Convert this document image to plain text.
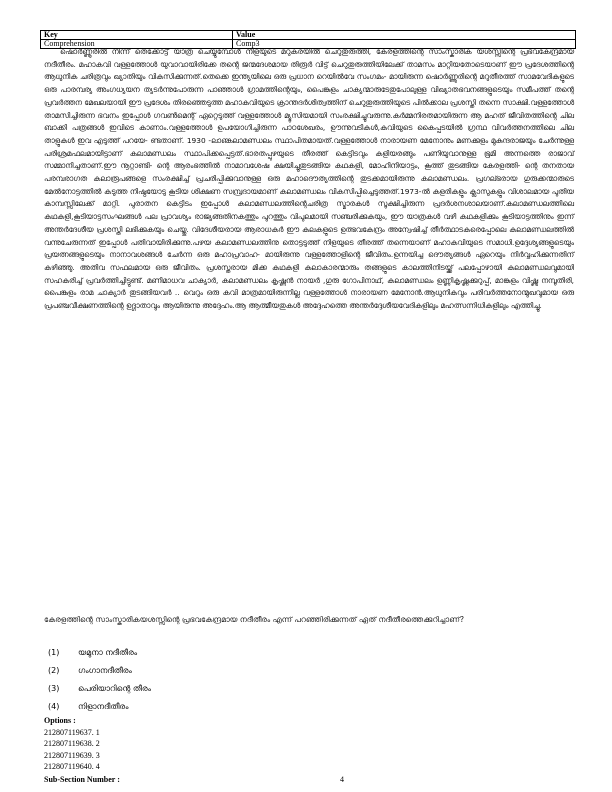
Key	Value
Comprehension	Comp3

ഷൊർണ്ണൂരിൽ നിന്ന് തെക്കോട്ട് യാത്ര ചെയ്യുമ്പോൾ നിളയുടെ മറുകരയിൽ ചെറുതുരുത്തി, കേരളത്തിന്റെ സാംസ്കാരിക യശസ്സിന്റെ പ്രഭവകേന്ദ്രമായ നദീതീരം. മഹാകവി വള്ളത്തോൾ യുവാവായിരിക്കേ തന്റെ ജന്മദേശമായ തിരൂർ വിട്ട് ചെറുതുരുത്തിയിലേക്ക് താമസം മാറ്റിയതോടെയാണ് ഈ പ്രദേശത്തിന്റെ ആധുനിക ചരിത്രവും ഖ്യാതിയും വികസിക്കുന്നത്.തെക്കെ ഇന്ത്യയിലെ ഒരു പ്രധാന റെയിൽവേ സംഗമം- മായിരുന്ന ഷൊർണ്ണൂരിന്റെ മറുതീരത്ത് സാമവേദികളുടെ ഒരു പാരമ്പര്യ അംഗധ്യയന ത്യടർന്നുപോരുന്ന പാഞ്ഞാൾ ഗ്രാമത്തിന്റെയും, പൈങ്കുളം ചാക്യന്മാരുടേതുപോലുള്ള വിഖ്യാതഭവനങ്ങളുടെയും സമീപത്ത് തന്റെ പ്രവർത്തന മേഖലയായി ഈ പ്രദേശം തിരഞ്ഞെടുത്ത മഹാകവിയുടെ ക്രാന്തദർശിത്വത്തിന് ചെറുതുരുത്തിയുടെ പിൽക്കാല പ്രശസ്തി തന്നെ സാക്ഷി.വള്ളത്തോൾ താമസിച്ചിരുന്ന ഭവനം ഇപ്പോൾ ഗവൺമെന്റ് ഏറ്റെടുത്ത് വള്ളത്തോൾ മ്യൂസിയമായി സംരക്ഷിച്ചുവരുന്നു.കർമ്മനിരതമായിരുന്ന ആ മഹത് ജീവിതത്തിന്റെ ചില ബാക്കി പത്രങ്ങൾ ഇവിടെ കാണാം.വള്ളത്തോൾ ഉപയോഗിച്ചിരുന്ന പാഠശേഖരം, ഊന്നുവടികൾ,കവിയുടെ കൈപ്പടയിൽ ഗ്രന്ഥ വിവർത്തനത്തിലെ ചില താളുകൾ ഇവ എടുത്ത് പറയേ- ണ്ടതാണ്. 1930 -ലാണ്കലാമണ്ഡലം സ്ഥാപിതമായത്.വള്ളത്തോൾ നാരായണ മേനോനും മണക്കുളം മുകുന്ദരാജയും ചേർന്നുള്ള പരിശ്രമഫലമായിട്ടാണ് കലാമണ്ഡലം സ്ഥാപിക്കപ്പെട്ടത്.ഭാരതപ്പുഴയുടെ തീരത്ത് കെട്ടിടവും കളിയരങ്ങും പണിയുവാനുള്ള ഭൂമി അന്നത്തെ രാജാവ് സമ്മാനിച്ചതാണ്.ഈ നൂറ്റാണ്ടി- ന്റെ ആരംഭത്തിൽ നാമാവശേഷ ക്ഷയിച്ചുതുടങ്ങിയ കഥകളി, മോഹിനിയാട്ടം, കൂത്ത് തുടങ്ങിയ കേരളത്തി- ന്റെ തനതായ പരമ്പരാഗത കലാരൂപങ്ങളെ സംരക്ഷിച്ച് പ്രചരിപ്പിക്കുവാനുള്ള ഒരു മഹാദൌത്യത്തിന്റെ തുടക്കമായിരുന്നു കലാമണ്ഡലം. പ്രഗല്ഭരായ ഗുരുക്കന്മാരുടെ മേൽനോട്ടത്തിൽ കടുത്ത നിഷ്ഠയോടു കൂടിയ ശിക്ഷണ സമ്പ്രദായമാണ് കലാമണ്ഡലം വികസിപ്പിച്ചെടുത്തത്.1973-ൽ കളരികളും ക്ലാസുകളും വിശാലമായ പുതിയ കാമ്പസ്സിലേക്ക് മാറ്റി. പുരാതന കെട്ടിടം ഇപ്പോൾ കലാമണ്ഡലത്തിന്റെചരിത്ര സ്മാരകൾ സൂക്ഷിച്ചിരുന്ന പ്രദർശനശാലയാണ്.കലാമണ്ഡലത്തിലെ കഥകളി,കൂടിയാട്ടസംഘങ്ങൾ പല പ്രാവശ്യം രാജ്യങ്ങതിനകത്തും പുറത്തും വിപുലമായി സഞ്ചരിക്കുകയും, ഈ യാത്രകൾ വഴി കഥകളിക്കും കൂടിയാട്ടത്തിനും ഇന്ന് അന്തർദേശീയ പ്രശസ്തി ലഭിക്കുകയും ചെയ്തു. വിദേശീയരായ ആരാധകർ ഈ കലകളുടെ ഉത്ഭവകേന്ദ്രം അന്വേഷിച്ച് തീർത്ഥാടകരെപ്പോലെ കലാമണ്ഡലത്തിൽ വന്നുചേരുന്നത് ഇപ്പോൾ പതിവായിരിക്കുന്നു.പഴയ കലാമണ്ഡലത്തിനു തൊട്ടടുത്ത് നിളയുടെ തീരത്ത് തന്നെയാണ് മഹാകവിയുടെ സമാധി.ഉദ്ദേശ്യങ്ങളുടെയും പ്രയത്നങ്ങളുടെയും നാനാവശങ്ങൾ ചേർന്ന ഒരു മഹാപ്രവാഹ- മായിരുന്നു വള്ളത്തോളിന്റെ ജീവിതം.ഉന്നയിച്ച ദൌത്യങ്ങൾ ഏറെയും നിർവ്വഹിക്കുന്നതിന് കഴിഞ്ഞു. അതിവ സഫലമായ ഒരു ജീവിതം. പ്രശസ്തരായ മിക്ക കഥകളി കലാകാരന്മാരും തങ്ങളുടെ കാലത്തിനിടയ്ക്ക് പലപ്പോഴായി കലാമണ്ഡലവുമായി സഹകരിച്ച് പ്രവർത്തിച്ചിട്ടുണ്ട്. മണിമാധവ ചാക്യാർ, കലാമണ്ഡലം കൃഷ്ണൻ നായർ ,ഗുരു ഗോപിനാഥ്, കലാമണ്ഡലം ഉണ്ണികൃഷ്ണക്കുറുപ്പ്, മാങ്കുളം വിഷ്ണു നമ്പൂതിരി, പൈങ്കുളം രാമ ചാക്യാർ തുടങ്ങിയവർ .. വെറും ഒരു കവി മാത്രമായിരുന്നില്ല വള്ളത്തോൾ നാരായണ മേനോൻ.ആധുനികവും പരിവർത്തനോന്മുഖവുമായ ഒരു പ്രപഞ്ചവീക്ഷണത്തിന്റെ ഉദ്ഗാതാവും ആയിരുന്നു അദ്ദേഹം.ആ ആത്മീയതുകൾ അദ്ദേഹത്തെ അന്തർദ്ദേശീയവേദികളിലും മഹത്സന്നിധികളിലും എത്തിച്ചു.

കേരളത്തിന്റെ സാംസ്കാരികയശസ്സിന്റെ പ്രഭവകേന്ദ്രമായ നദീതീരം എന്ന് പറഞ്ഞിരിക്കുന്നത് ഏത് നദീതീരത്തെക്കുറിച്ചാണ്?

(1) യമുനാ നദീതീരം
(2) ഗംഗാനദീതീരം
(3) പെരിയാറിന്റെ തീരം
(4) നിളാനദീതീരം
Options :
212807119637. 1
212807119638. 2
212807119639. 3
212807119640. 4
Sub-Section Number :	4
